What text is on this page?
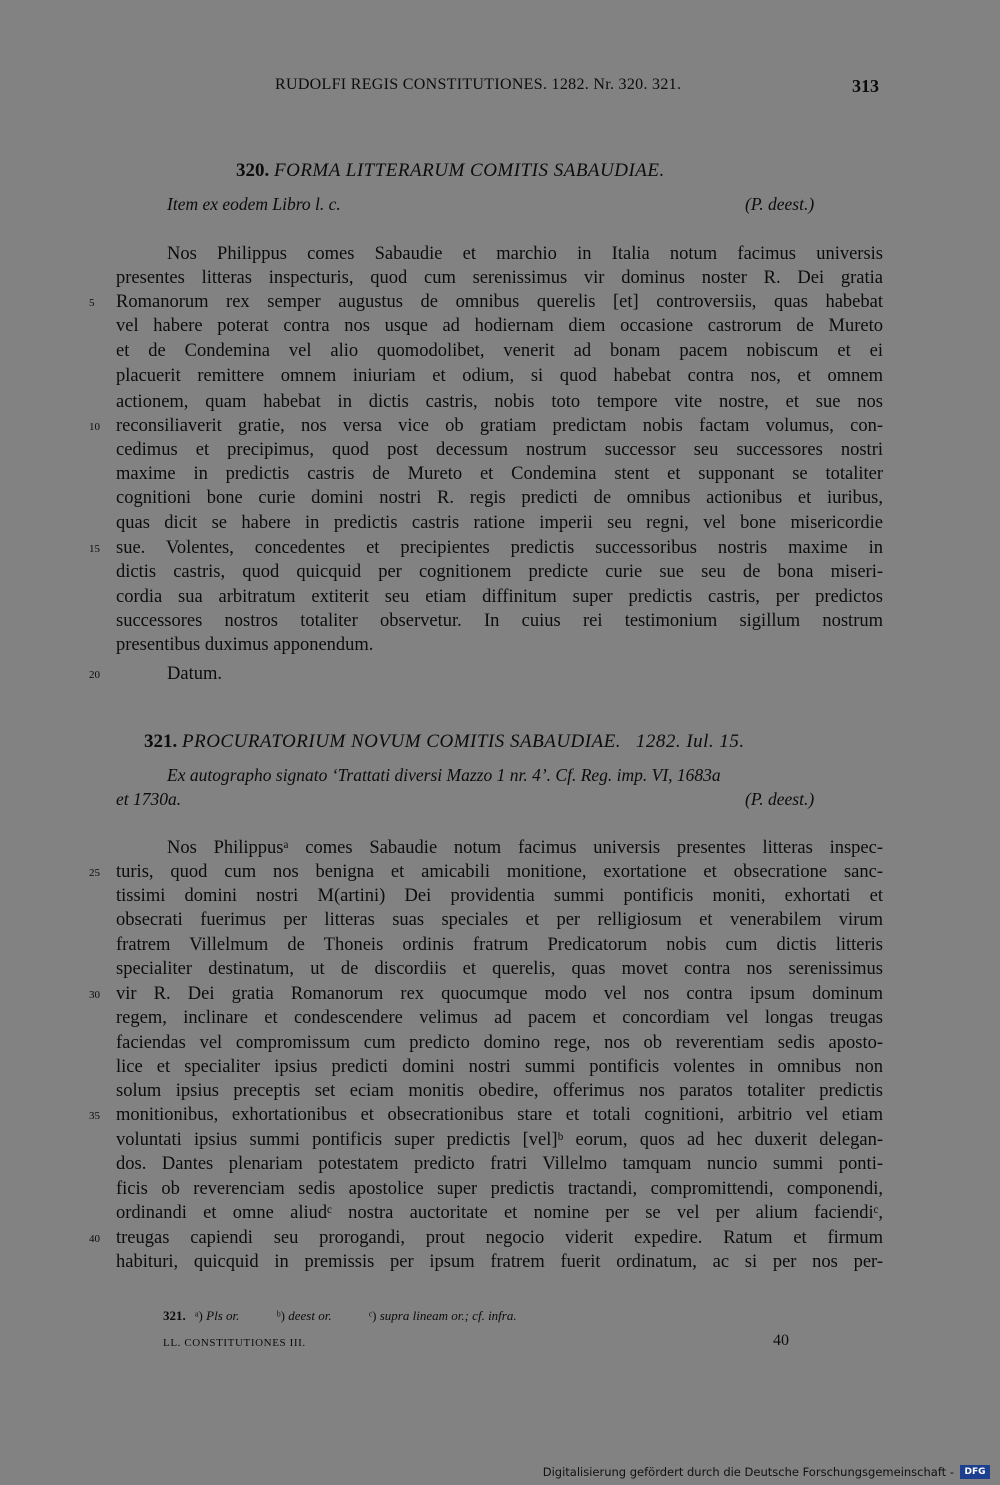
RUDOLFI REGIS CONSTITUTIONES. 1282. Nr. 320. 321.	313
320. FORMA LITTERARUM COMITIS SABAUDIAE.
Item ex eodem Libro l. c.	(P. deest.)
Nos Philippus comes Sabaudie et marchio in Italia notum facimus universis
presentes litteras inspecturis, quod cum serenissimus vir dominus noster R. Dei gratia
Romanorum rex semper augustus de omnibus querelis [et] controversiis, quas habebat
vel habere poterat contra nos usque ad hodiernam diem occasione castrorum de Mureto
et de Condemina vel alio quomodolibet, venerit ad bonam pacem nobiscum et ei
placuerit remittere omnem iniuriam et odium, si quod habebat contra nos, et omnem
actionem, quam habebat in dictis castris, nobis toto tempore vite nostre, et sue nos
reconsiliaverit gratie, nos versa vice ob gratiam predictam nobis factam volumus, con-
cedimus et precipimus, quod post decessum nostrum successor seu successores nostri
maxime in predictis castris de Mureto et Condemina stent et supponant se totaliter
cognitioni bone curie domini nostri R. regis predicti de omnibus actionibus et iuribus,
quas dicit se habere in predictis castris ratione imperii seu regni, vel bone misericordie
sue. Volentes, concedentes et precipientes predictis successoribus nostris maxime in
dictis castris, quod quicquid per cognitionem predicte curie sue seu de bona miseri-
cordia sua arbitratum extiterit seu etiam diffinitum super predictis castris, per predictos
successores nostros totaliter observetur. In cuius rei testimonium sigillum nostrum
presentibus duximus apponendum.
Datum.
321. PROCURATORIUM NOVUM COMITIS SABAUDIAE. 1282. Iul. 15.
Ex autographo signato ‘Trattati diversi Mazzo 1 nr. 4’. Cf. Reg. imp. VI, 1683a
et 1730a.	(P. deest.)
Nos Philippusᵃ comes Sabaudie notum facimus universis presentes litteras inspec-
turis, quod cum nos benigna et amicabili monitione, exortatione et obsecratione sanc-
tissimi domini nostri M(artini) Dei providentia summi pontificis moniti, exhortati et
obsecrati fuerimus per litteras suas speciales et per relligiosum et venerabilem virum
fratrem Villelmum de Thoneis ordinis fratrum Predicatorum nobis cum dictis litteris
specialiter destinatum, ut de discordiis et querelis, quas movet contra nos serenissimus
vir R. Dei gratia Romanorum rex quocumque modo vel nos contra ipsum dominum
regem, inclinare et condescendere velimus ad pacem et concordiam vel longas treugas
faciendas vel compromissum cum predicto domino rege, nos ob reverentiam sedis aposto-
lice et specialiter ipsius predicti domini nostri summi pontificis volentes in omnibus non
solum ipsius preceptis set eciam monitis obedire, offerimus nos paratos totaliter predictis
monitionibus, exhortationibus et obsecrationibus stare et totali cognitioni, arbitrio vel etiam
voluntati ipsius summi pontificis super predictis [vel]ᵇ eorum, quos ad hec duxerit delegan-
dos. Dantes plenariam potestatem predicto fratri Villelmo tamquam nuncio summi ponti-
ficis ob reverenciam sedis apostolice super predictis tractandi, compromittendi, componendi,
ordinandi et omne aliudᶜ nostra auctoritate et nomine per se vel per alium faciendiᶜ,
treugas capiendi seu prorogandi, prout negocio viderit expedire. Ratum et firmum
habituri, quicquid in premissis per ipsum fratrem fuerit ordinatum, ac si per nos per-
5
10
15
20
25
30
35
40
321. ᵃ) Pls or.	ᵇ) deest or.	ᶜ) supra lineam or.; cf. infra.
LL. CONSTITUTIONES III.	40
Digitalisierung gefördert durch die Deutsche Forschungsgemeinschaft -	DFG
